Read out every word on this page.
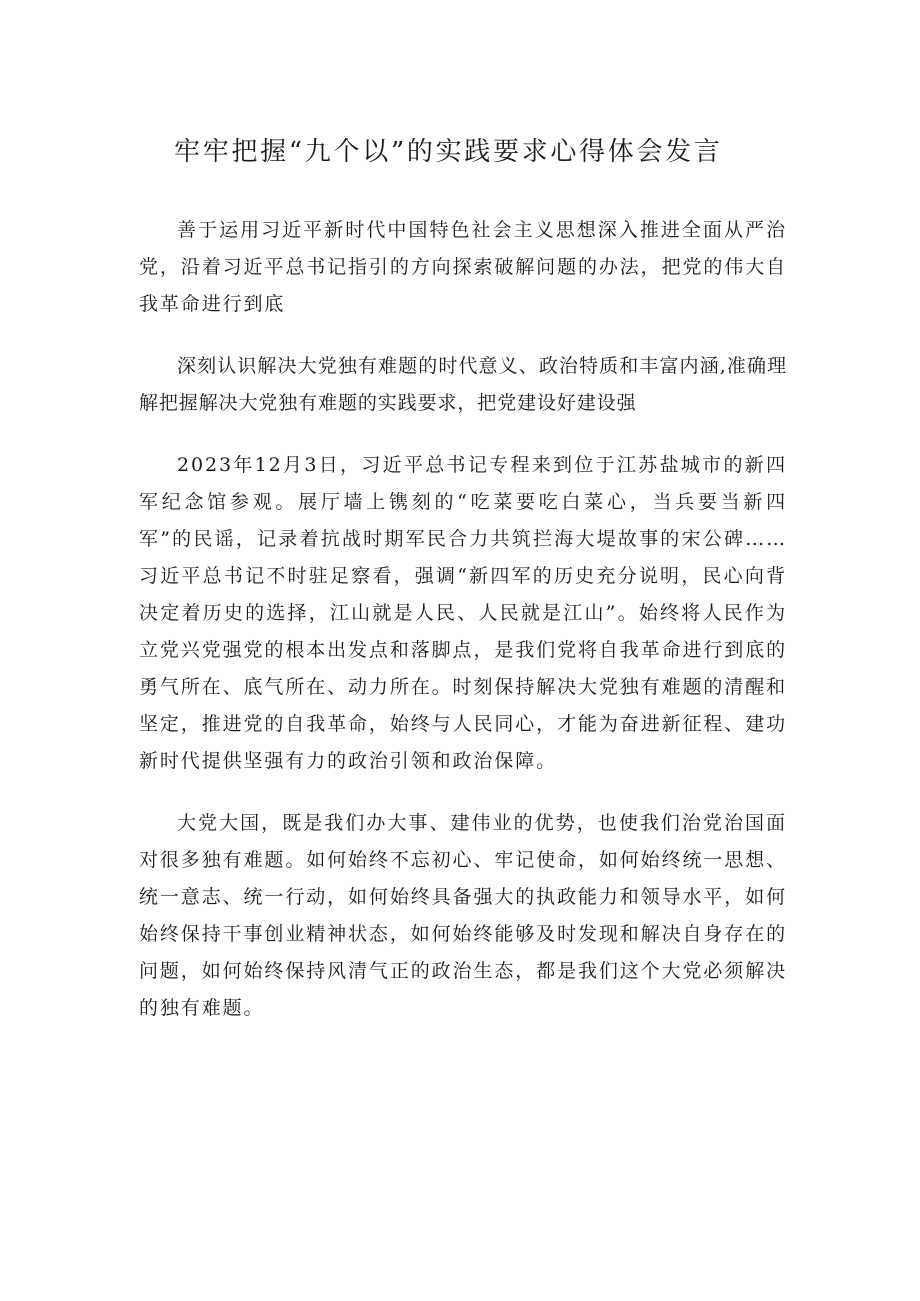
牢牢把握“九个以”的实践要求心得体会发言

善于运用习近平新时代中国特色社会主义思想深入推进全面从严治党，沿着习近平总书记指引的方向探索破解问题的办法，把党的伟大自我革命进行到底

深刻认识解决大党独有难题的时代意义、政治特质和丰富内涵,准确理解把握解决大党独有难题的实践要求，把党建设好建设强

2023年12月3日，习近平总书记专程来到位于江苏盐城市的新四军纪念馆参观。展厅墙上镌刻的“吃菜要吃白菜心，当兵要当新四军”的民谣，记录着抗战时期军民合力共筑拦海大堤故事的宋公碑……习近平总书记不时驻足察看，强调“新四军的历史充分说明，民心向背决定着历史的选择，江山就是人民、人民就是江山”。始终将人民作为立党兴党强党的根本出发点和落脚点，是我们党将自我革命进行到底的勇气所在、底气所在、动力所在。时刻保持解决大党独有难题的清醒和坚定，推进党的自我革命，始终与人民同心，才能为奋进新征程、建功新时代提供坚强有力的政治引领和政治保障。

大党大国，既是我们办大事、建伟业的优势，也使我们治党治国面对很多独有难题。如何始终不忘初心、牢记使命，如何始终统一思想、统一意志、统一行动，如何始终具备强大的执政能力和领导水平，如何始终保持干事创业精神状态，如何始终能够及时发现和解决自身存在的问题，如何始终保持风清气正的政治生态，都是我们这个大党必须解决的独有难题。
